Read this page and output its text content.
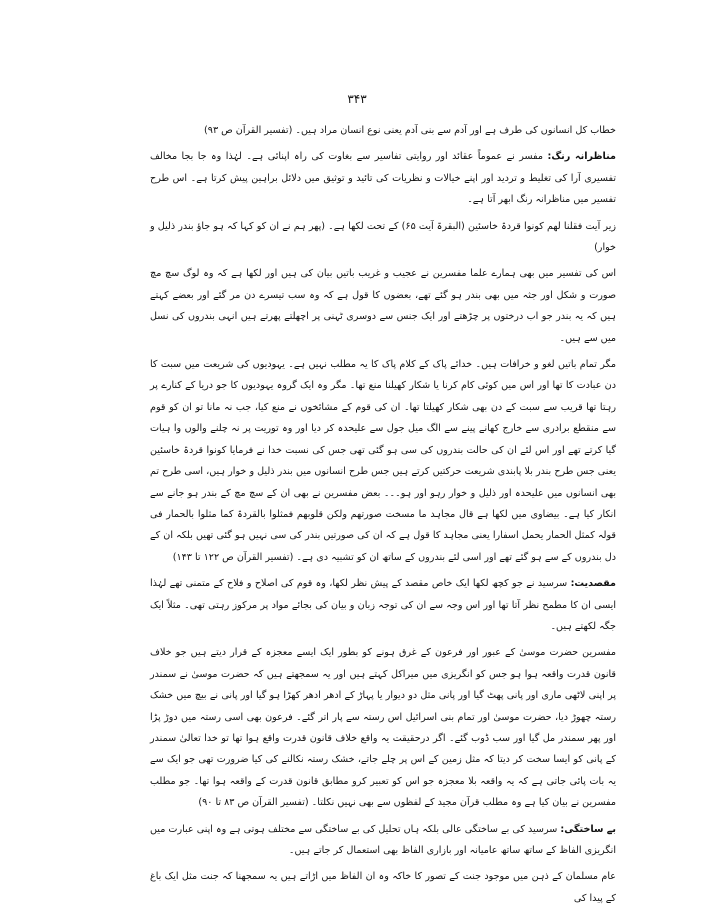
۳۴۳

خطاب کل انسانوں کی طرف ہے اور آدم سے بنی آدم یعنی نوع انسان مراد ہیں۔ (تفسیر القرآن ص ۹۳)

مناظرانہ رنگ: مفسر نے عموماً عقائد اور روایتی تفاسیر سے بغاوت کی راہ اپنائی ہے۔ لہٰذا وہ جا بجا مخالف تفسیری آرا کی تغلیط و تردید اور اپنے خیالات و نظریات کی تائید و توثیق میں دلائل براہین پیش کرتا ہے۔ اس طرح تفسیر میں مناظرانہ رنگ ابھر آتا ہے۔

زیر آیت فقلنا لھم کونوا قردۃ خاسئین (البقرۃ آیت ۶۵) کے تحت لکھا ہے۔ (پھر ہم نے ان کو کہا کہ ہو جاؤ بندر ذلیل و خوار)

اس کی تفسیر میں بھی ہمارے علما مفسرین نے عجیب و غریب باتیں بیان کی ہیں اور لکھا ہے کہ وہ لوگ سچ مچ صورت و شکل اور جثہ میں بھی بندر ہو گئے تھے، بعضوں کا قول ہے کہ وہ سب تیسرے دن مر گئے اور بعضے کہتے ہیں کہ یہ بندر جو اب درختوں پر چڑھتے اور ایک جنس سے دوسری ٹہنی پر اچھلتے پھرتے ہیں انہی بندروں کی نسل میں سے ہیں۔

مگر تمام باتیں لغو و خرافات ہیں۔ خدائے پاک کے کلام پاک کا یہ مطلب نہیں ہے۔ یہودیوں کی شریعت میں سبت کا دن عبادت کا تھا اور اس میں کوئی کام کرنا یا شکار کھیلنا منع تھا۔ مگر وہ ایک گروہ یہودیوں کا جو دریا کے کنارے پر رہتا تھا قریب سے سبت کے دن بھی شکار کھیلتا تھا۔ ان کی قوم کے مشائخوں نے منع کیا، جب نہ مانا تو ان کو قوم سے منقطع برادری سے خارج کھانے پینے سے الگ میل جول سے علیحدہ کر دیا اور وہ توریت پر نہ چلنے والوں وا ہیات گیا کرتے تھے اور اس لئے ان کی حالت بندروں کی سی ہو گئی تھی جس کی نسبت خدا نے فرمایا کونوا قردۃ خاسئین یعنی جس طرح بندر بلا پابندی شریعت حرکتیں کرتے ہیں جس طرح انسانوں میں بندر ذلیل و خوار ہیں، اسی طرح تم بھی انسانوں میں علیحدہ اور ذلیل و خوار رہو اور ہو۔۔۔ بعض مفسرین نے بھی ان کے سچ مچ کے بندر ہو جانے سے انکار کیا ہے۔ بیضاوی میں لکھا ہے قال مجاہد ما مسخت صورتھم ولکن قلوبھم فمثلوا بالقردۃ کما مثلوا بالحمار فی قولہ کمثل الحمار یحمل اسفارا یعنی مجاہد کا قول ہے کہ ان کی صورتیں بندر کی سی نہیں ہو گئی تھیں بلکہ ان کے دل بندروں کے سے ہو گئے تھے اور اسی لئے بندروں کے ساتھ ان کو تشبیہ دی ہے۔ (تفسیر القرآن ص ۱۲۲ تا ۱۴۳)

مقصدیت: سرسید نے جو کچھ لکھا ایک خاص مقصد کے پیش نظر لکھا، وہ قوم کی اصلاح و فلاح کے متمنی تھے لہٰذا ایسی ان کا مطمح نظر آتا تھا اور اس وجہ سے ان کی توجہ زبان و بیان کی بجائے مواد پر مرکوز رہتی تھی۔ مثلاً ایک جگہ لکھتے ہیں۔

مفسرین حضرت موسیٰ کے عبور اور فرعون کے غرق ہونے کو بطور ایک ایسے معجزہ کے قرار دیتے ہیں جو خلاف قانون قدرت واقعہ ہوا ہو جس کو انگریزی میں میراکل کہتے ہیں اور یہ سمجھتے ہیں کہ حضرت موسیٰ نے سمندر پر اپنی لاٹھی ماری اور پانی پھٹ گیا اور پانی مثل دو دیوار یا پہاڑ کے ادھر ادھر کھڑا ہو گیا اور پانی نے بیچ میں خشک رستہ چھوڑ دیا، حضرت موسیٰ اور تمام بنی اسرائیل اس رستہ سے پار اتر گئے۔ فرعون بھی اسی رستہ میں دوڑ پڑا اور پھر سمندر مل گیا اور سب ڈوب گئے۔ اگر درحقیقت یہ واقع خلاف قانون قدرت واقع ہوا تھا تو خدا تعالیٰ سمندر کے پانی کو ایسا سخت کر دیتا کہ مثل زمین کے اس پر چلے جاتے، خشک رستہ نکالنے کی کیا ضرورت تھی جو ایک سے یہ بات پائی جاتی ہے کہ یہ واقعہ بلا معجزہ جو اس کو تعبیر کرو مطابق قانون قدرت کے واقعہ ہوا تھا۔ جو مطلب مفسرین نے بیان کیا ہے وہ مطلب قرآن مجید کے لفظوں سے بھی نہیں نکلتا۔ (تفسیر القرآن ص ۸۳ تا ۹۰)

بے ساختگی: سرسید کی بے ساختگی عالی بلکہ ہاں تحلیل کی بے ساختگی سے مختلف ہوتی ہے وہ اپنی عبارت میں انگریزی الفاظ کے ساتھ ساتھ عامیانہ اور بازاری الفاظ بھی استعمال کر جاتے ہیں۔

عام مسلمان کے ذہن میں موجود جنت کے تصور کا خاکہ وہ ان الفاظ میں اڑاتے ہیں یہ سمجھنا کہ جنت مثل ایک باغ کے پیدا کی
